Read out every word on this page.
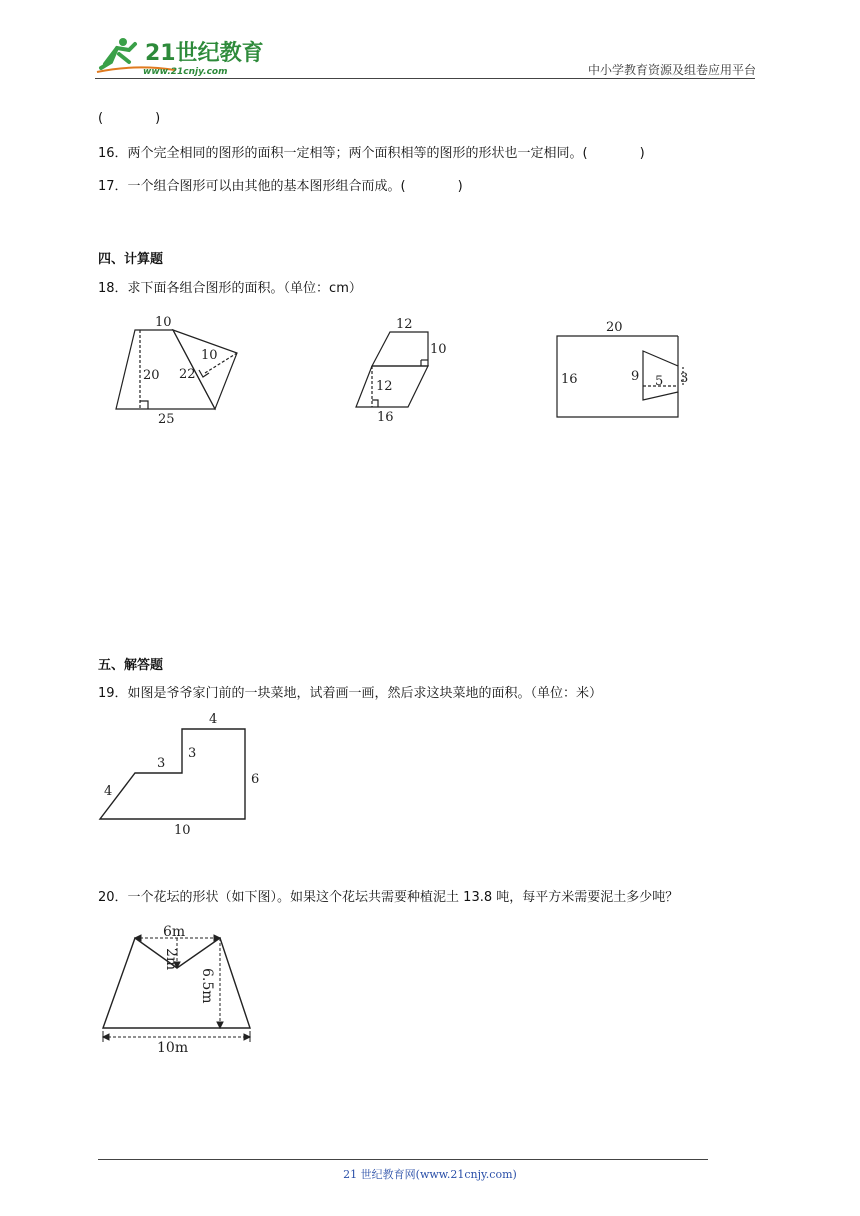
21世纪教育
www.21cnjy.com	中小学教育资源及组卷应用平台
(　　　　)
16．两个完全相同的图形的面积一定相等；两个面积相等的图形的形状也一定相同。(　　　　)
17．一个组合图形可以由其他的基本图形组合而成。(　　　　)
四、计算题
18．求下面各组合图形的面积。（单位：cm）
10
20
25
22
10
12
10
12
16
20
16	9 5 3
五、解答题
19．如图是爷爷家门前的一块菜地，试着画一画，然后求这块菜地的面积。（单位：米）
4
3
3
4
6
10
20．一个花坛的形状（如下图）。如果这个花坛共需要种植泥土 13.8 吨，每平方米需要泥土多少吨？
6m
2m
6.5m
10m
21 世纪教育网(www.21cnjy.com)
